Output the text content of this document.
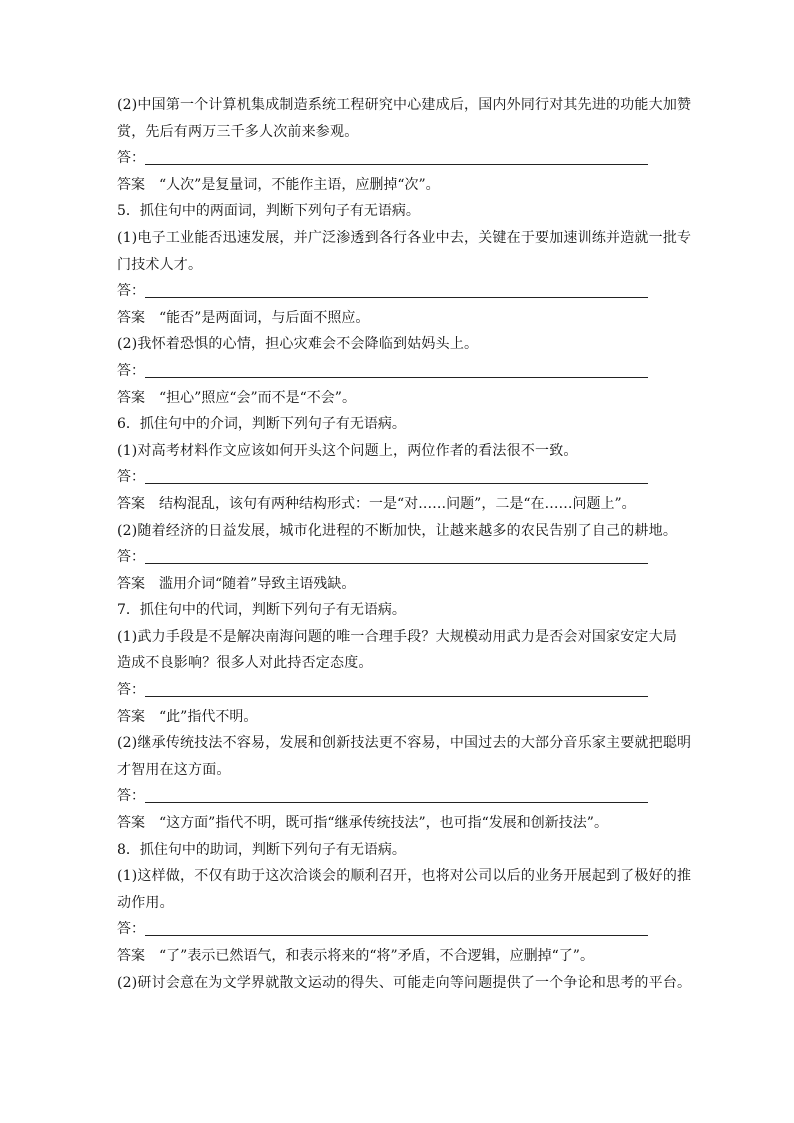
(2)中国第一个计算机集成制造系统工程研究中心建成后，国内外同行对其先进的功能大加赞
赏，先后有两万三千多人次前来参观。
答：
答案 “人次”是复量词，不能作主语，应删掉“次”。
5．抓住句中的两面词，判断下列句子有无语病。
(1)电子工业能否迅速发展，并广泛渗透到各行各业中去，关键在于要加速训练并造就一批专
门技术人才。
答：
答案 “能否”是两面词，与后面不照应。
(2)我怀着恐惧的心情，担心灾难会不会降临到姑妈头上。
答：
答案 “担心”照应“会”而不是“不会”。
6．抓住句中的介词，判断下列句子有无语病。
(1)对高考材料作文应该如何开头这个问题上，两位作者的看法很不一致。
答：
答案 结构混乱，该句有两种结构形式：一是“对……问题”，二是“在……问题上”。
(2)随着经济的日益发展，城市化进程的不断加快，让越来越多的农民告别了自己的耕地。
答：
答案 滥用介词“随着”导致主语残缺。
7．抓住句中的代词，判断下列句子有无语病。
(1)武力手段是不是解决南海问题的唯一合理手段？大规模动用武力是否会对国家安定大局
造成不良影响？很多人对此持否定态度。
答：
答案 “此”指代不明。
(2)继承传统技法不容易，发展和创新技法更不容易，中国过去的大部分音乐家主要就把聪明
才智用在这方面。
答：
答案 “这方面”指代不明，既可指“继承传统技法”，也可指“发展和创新技法”。
8．抓住句中的助词，判断下列句子有无语病。
(1)这样做，不仅有助于这次洽谈会的顺利召开，也将对公司以后的业务开展起到了极好的推
动作用。
答：
答案 “了”表示已然语气，和表示将来的“将”矛盾，不合逻辑，应删掉“了”。
(2)研讨会意在为文学界就散文运动的得失、可能走向等问题提供了一个争论和思考的平台。
